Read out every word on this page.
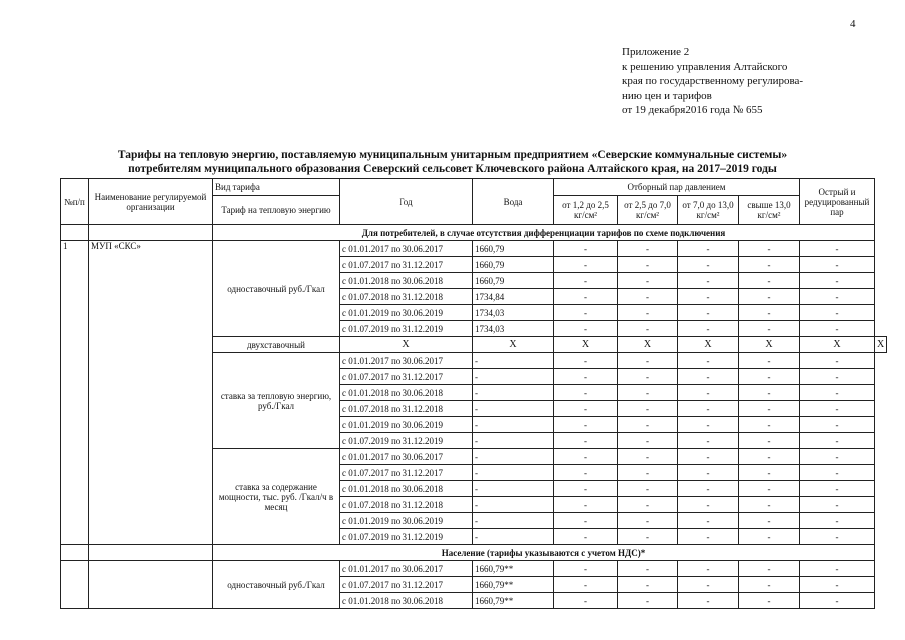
4
Приложение 2
к решению управления Алтайского
края по государственному регулирова-
нию цен и тарифов
от 19 декабря2016 года № 655
Тарифы на тепловую энергию, поставляемую муниципальным унитарным предприятием «Северские коммунальные системы»
потребителям муниципального образования Северский сельсовет Ключевского района Алтайского края, на 2017–2019 годы
№п/п	Наименование регулируемой организации	Вид тарифа	Год	Вода	Отборный пар давлением				Острый и редуцированный пар	
		Тариф на тепловую энергию			от 1,2 до 2,5 кг/см²	от 2,5 до 7,0 кг/см²	от 7,0 до 13,0 кг/см²	свыше 13,0 кг/см²		
		Для потребителей, в случае отсутствия дифференциации тарифов по схеме подключения								
1	МУП «СКС»	одноставочный руб./Гкал	с 01.01.2017 по 30.06.2017	1660,79	-	-	-	-	-	
			с 01.07.2017 по 31.12.2017	1660,79	-	-	-	-	-	
			с 01.01.2018 по 30.06.2018	1660,79	-	-	-	-	-	
			с 01.07.2018 по 31.12.2018	1734,84	-	-	-	-	-	
			с 01.01.2019 по 30.06.2019	1734,03	-	-	-	-	-	
			с 01.07.2019 по 31.12.2019	1734,03	-	-	-	-	-	
		двухставочный	Х	Х	Х	Х	Х	Х	Х	Х
		ставка за тепловую энергию, руб./Гкал	с 01.01.2017 по 30.06.2017	-	-	-	-	-	-	
			с 01.07.2017 по 31.12.2017	-	-	-	-	-	-	
			с 01.01.2018 по 30.06.2018	-	-	-	-	-	-	
			с 01.07.2018 по 31.12.2018	-	-	-	-	-	-	
			с 01.01.2019 по 30.06.2019	-	-	-	-	-	-	
			с 01.07.2019 по 31.12.2019	-	-	-	-	-	-	
		ставка за содержание мощности, тыс. руб. /Гкал/ч в месяц	с 01.01.2017 по 30.06.2017	-	-	-	-	-	-	
			с 01.07.2017 по 31.12.2017	-	-	-	-	-	-	
			с 01.01.2018 по 30.06.2018	-	-	-	-	-	-	
			с 01.07.2018 по 31.12.2018	-	-	-	-	-	-	
			с 01.01.2019 по 30.06.2019	-	-	-	-	-	-	
			с 01.07.2019 по 31.12.2019	-	-	-	-	-	-	
		Население (тарифы указываются с учетом НДС)*								
		одноставочный руб./Гкал	с 01.01.2017 по 30.06.2017	1660,79**	-	-	-	-	-	
			с 01.07.2017 по 31.12.2017	1660,79**	-	-	-	-	-	
			с 01.01.2018 по 30.06.2018	1660,79**	-	-	-	-	-	
